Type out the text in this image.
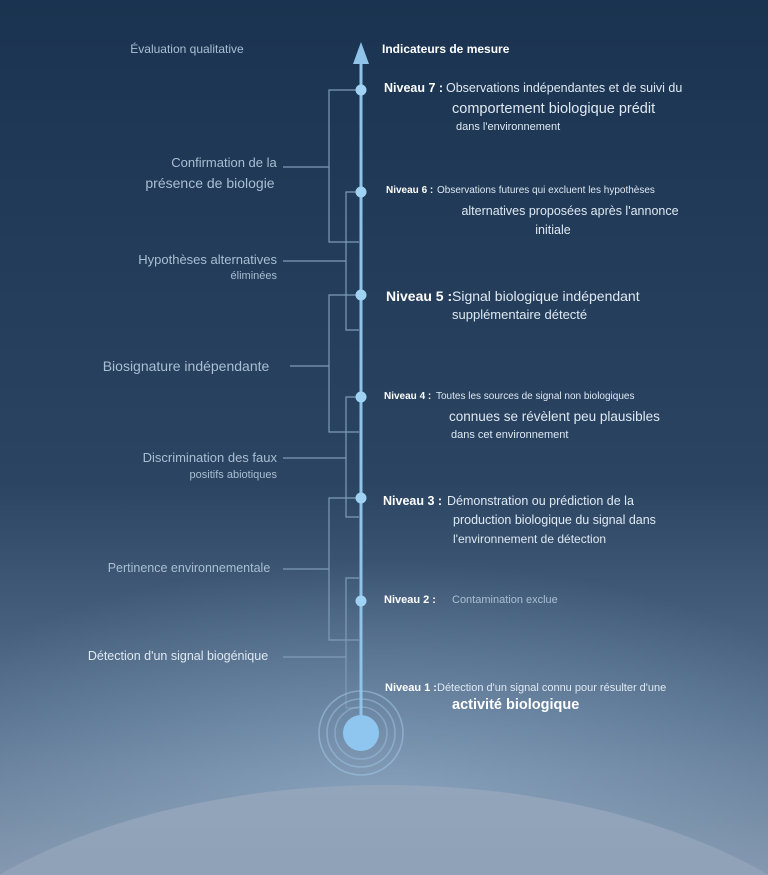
Évaluation qualitative	Indicateurs de mesure
Confirmation de la
présence de biologie
Hypothèses alternatives
éliminées
Biosignature indépendante
Discrimination des faux
positifs abiotiques
Pertinence environnementale
Détection d'un signal biogénique
Niveau 7 : Observations indépendantes et de suivi du
comportement biologique prédit
dans l'environnement
Niveau 6 : Observations futures qui excluent les hypothèses
alternatives proposées après l'annonce
initiale
Niveau 5 : Signal biologique indépendant
supplémentaire détecté
Niveau 4 : Toutes les sources de signal non biologiques
connues se révèlent peu plausibles
dans cet environnement
Niveau 3 : Démonstration ou prédiction de la
production biologique du signal dans
l'environnement de détection
Niveau 2 : Contamination exclue
Niveau 1 : Détection d'un signal connu pour résulter d'une
activité biologique
